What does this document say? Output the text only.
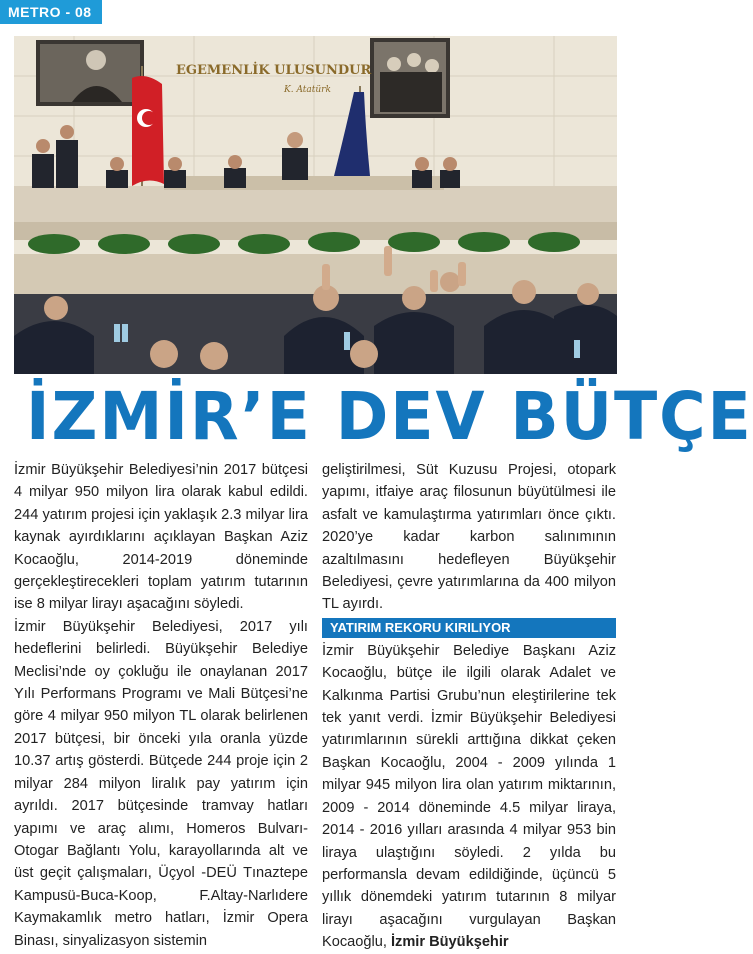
METRO - 08
EGEMENLİK ULUSUNDUR
K. Atatürk
İZMİR’E DEV BÜTÇE

İzmir Büyükşehir Belediyesi’nin 2017 bütçesi 4 milyar 950 milyon lira olarak kabul edildi. 244 yatırım projesi için yaklaşık 2.3 milyar lira kaynak ayırdıklarını açıklayan Başkan Aziz Kocaoğlu, 2014-2019 döneminde gerçekleştirecekleri toplam yatırım tutarının ise 8 milyar lirayı aşacağını söyledi.

İzmir Büyükşehir Belediyesi, 2017 yılı hedeflerini belirledi. Büyükşehir Belediye Meclisi’nde oy çokluğu ile onaylanan 2017 Yılı Performans Programı ve Mali Bütçesi’ne göre 4 milyar 950 milyon TL olarak belirlenen 2017 bütçesi, bir önceki yıla oranla yüzde 10.37 artış gösterdi. Bütçede 244 proje için 2 milyar 284 milyon liralık pay yatırım için ayrıldı. 2017 bütçesinde tramvay hatları yapımı ve araç alımı, Homeros Bulvarı-Otogar Bağlantı Yolu, karayollarında alt ve üst geçit çalışmaları, Üçyol -DEÜ Tınaztepe Kampusü-Buca-Koop, F.Altay-Narlıdere Kaymakamlık metro hatları, İzmir Opera Binası, sinyalizasyon sistemin

geliştirilmesi, Süt Kuzusu Projesi, otopark yapımı, itfaiye araç filosunun büyütülmesi ile asfalt ve kamulaştırma yatırımları önce çıktı. 2020’ye kadar karbon salınımının azaltılmasını hedefleyen Büyükşehir Belediyesi, çevre yatırımlarına da 400 milyon TL ayırdı.

YATIRIM REKORU KIRILIYOR

İzmir Büyükşehir Belediye Başkanı Aziz Kocaoğlu, bütçe ile ilgili olarak Adalet ve Kalkınma Partisi Grubu’nun eleştirilerine tek tek yanıt verdi. İzmir Büyükşehir Belediyesi yatırımlarının sürekli arttığına dikkat çeken Başkan Kocaoğlu, 2004 - 2009 yılında 1 milyar 945 milyon lira olan yatırım miktarının, 2009 - 2014 döneminde 4.5 milyar liraya, 2014 - 2016 yılları arasında 4 milyar 953 bin liraya ulaştığını söyledi. 2 yılda bu performansla devam edildiğinde, üçüncü 5 yıllık dönemdeki yatırım tutarının 8 milyar lirayı aşacağını vurgulayan Başkan Kocaoğlu, İzmir Büyükşehir
